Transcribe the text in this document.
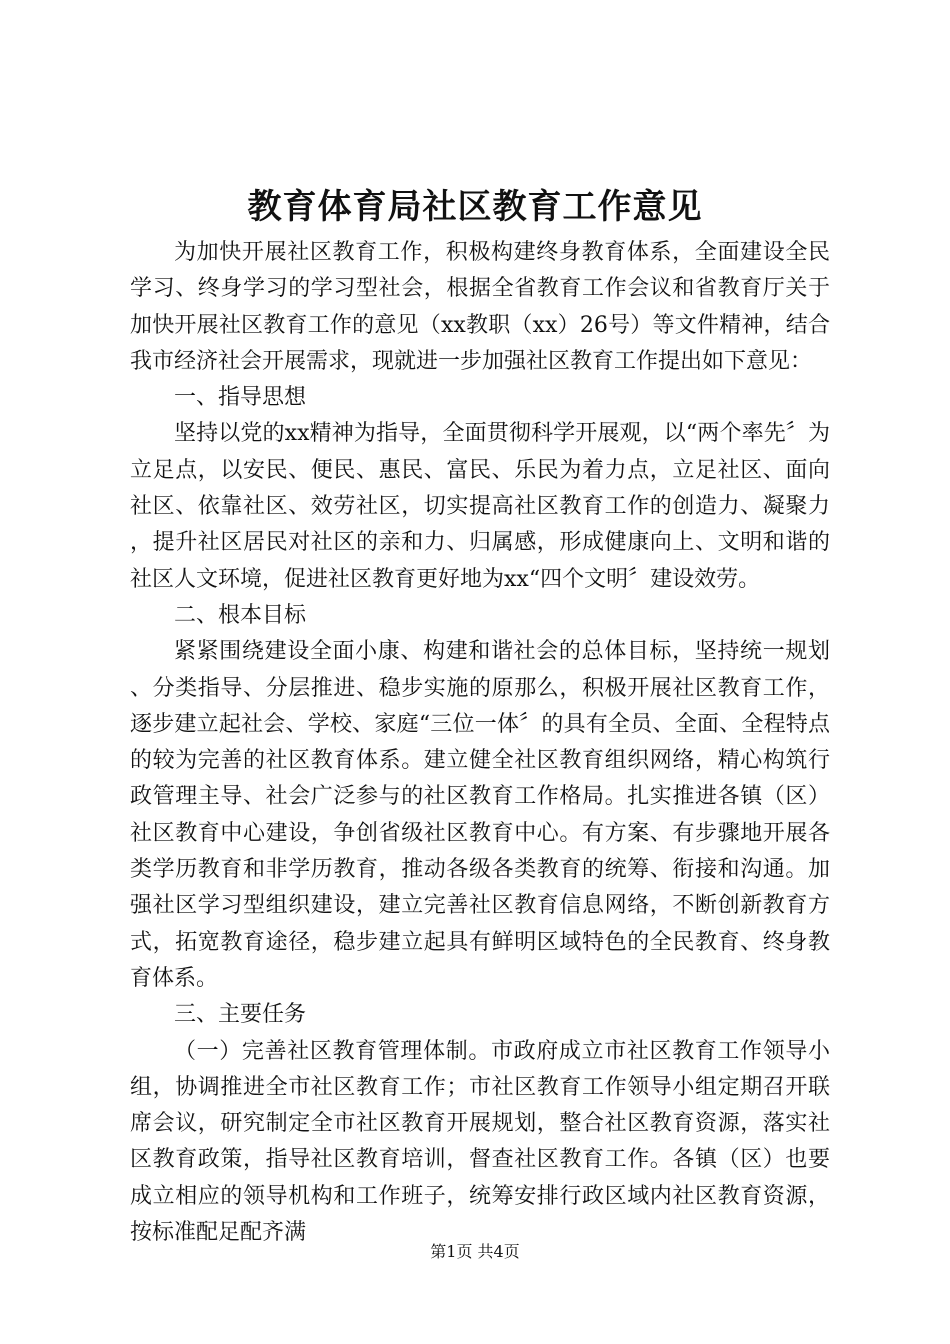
教育体育局社区教育工作意见

为加快开展社区教育工作，积极构建终身教育体系，全面建设全民学习、终身学习的学习型社会，根据全省教育工作会议和省教育厅关于加快开展社区教育工作的意见（xx教职（xx）26号）等文件精神，结合我市经济社会开展需求，现就进一步加强社区教育工作提出如下意见：

一、指导思想

坚持以党的xx精神为指导，全面贯彻科学开展观，以“两个率先〞为立足点，以安民、便民、惠民、富民、乐民为着力点，立足社区、面向社区、依靠社区、效劳社区，切实提高社区教育工作的创造力、凝聚力，提升社区居民对社区的亲和力、归属感，形成健康向上、文明和谐的社区人文环境，促进社区教育更好地为xx“四个文明〞建设效劳。

二、根本目标

紧紧围绕建设全面小康、构建和谐社会的总体目标，坚持统一规划、分类指导、分层推进、稳步实施的原那么，积极开展社区教育工作，逐步建立起社会、学校、家庭“三位一体〞的具有全员、全面、全程特点的较为完善的社区教育体系。建立健全社区教育组织网络，精心构筑行政管理主导、社会广泛参与的社区教育工作格局。扎实推进各镇（区）社区教育中心建设，争创省级社区教育中心。有方案、有步骤地开展各类学历教育和非学历教育，推动各级各类教育的统筹、衔接和沟通。加强社区学习型组织建设，建立完善社区教育信息网络，不断创新教育方式，拓宽教育途径，稳步建立起具有鲜明区域特色的全民教育、终身教育体系。

三、主要任务

（一）完善社区教育管理体制。市政府成立市社区教育工作领导小组，协调推进全市社区教育工作；市社区教育工作领导小组定期召开联席会议，研究制定全市社区教育开展规划，整合社区教育资源，落实社区教育政策，指导社区教育培训，督查社区教育工作。各镇（区）也要成立相应的领导机构和工作班子，统筹安排行政区域内社区教育资源，按标准配足配齐满

第1页 共4页
